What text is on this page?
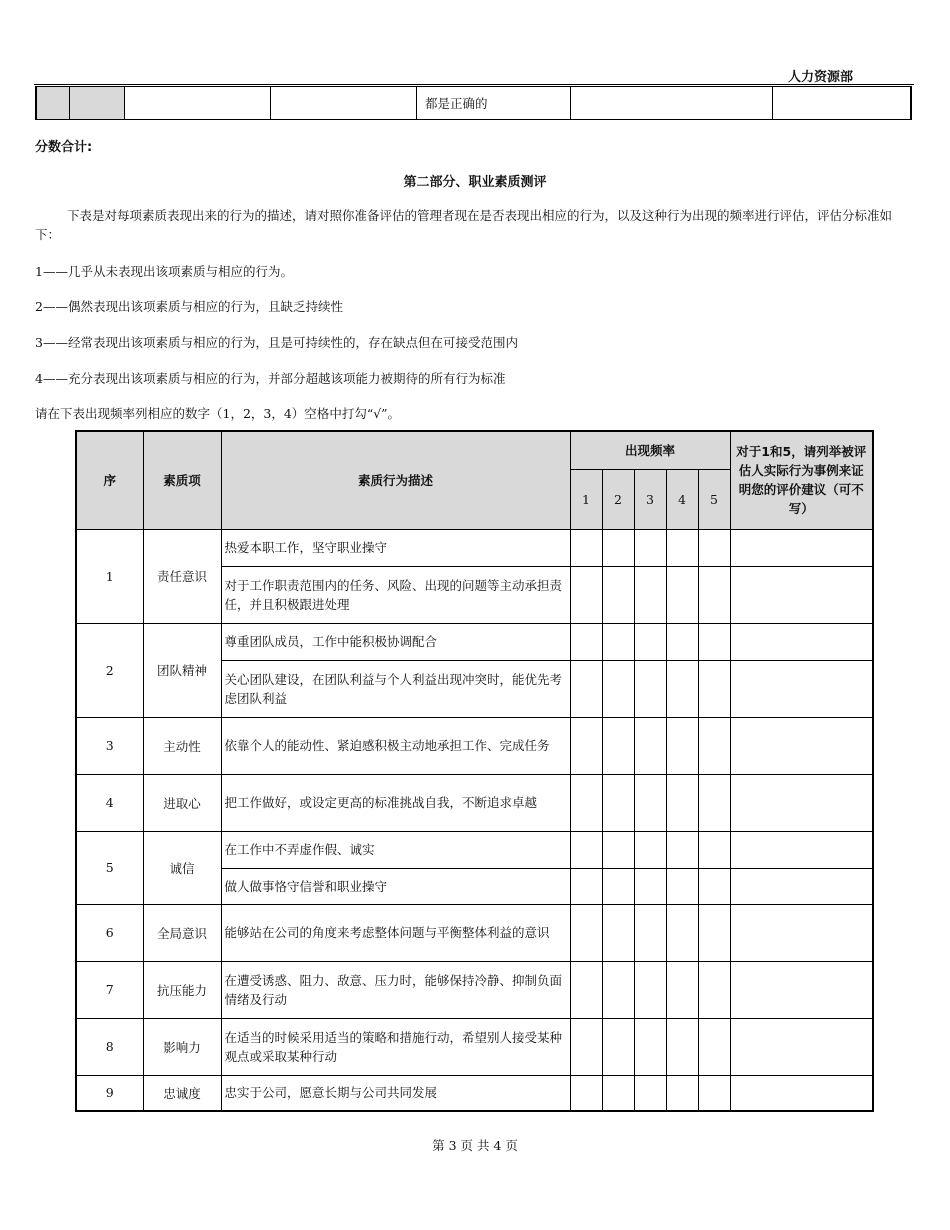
人力资源部
				都是正确的		
分数合计:
第二部分、职业素质测评
下表是对每项素质表现出来的行为的描述，请对照你准备评估的管理者现在是否表现出相应的行为，以及这种行为出现的频率进行评估，评估分标准如下：
1——几乎从未表现出该项素质与相应的行为。
2——偶然表现出该项素质与相应的行为，且缺乏持续性
3——经常表现出该项素质与相应的行为，且是可持续性的，存在缺点但在可接受范围内
4——充分表现出该项素质与相应的行为，并部分超越该项能力被期待的所有行为标准
请在下表出现频率列相应的数字（1，2，3，4）空格中打勾“√”。
序	素质项	素质行为描述	出现频率					对于1和5，请列举被评估人实际行为事例来证明您的评价建议（可不写）
			1	2	3	4	5	
1	责任意识	热爱本职工作，坚守职业操守						
		对于工作职责范围内的任务、风险、出现的问题等主动承担责任，并且积极跟进处理						
2	团队精神	尊重团队成员，工作中能积极协调配合						
		关心团队建设，在团队利益与个人利益出现冲突时，能优先考虑团队利益						
3	主动性	依靠个人的能动性、紧迫感积极主动地承担工作、完成任务						
4	进取心	把工作做好，或设定更高的标准挑战自我，不断追求卓越						
5	诚信	在工作中不弄虚作假、诚实						
		做人做事恪守信誉和职业操守						
6	全局意识	能够站在公司的角度来考虑整体问题与平衡整体利益的意识						
7	抗压能力	在遭受诱惑、阻力、敌意、压力时，能够保持冷静、抑制负面情绪及行动						
8	影响力	在适当的时候采用适当的策略和措施行动，希望别人接受某种观点或采取某种行动						
9	忠诚度	忠实于公司，愿意长期与公司共同发展						
第 3 页 共 4 页
